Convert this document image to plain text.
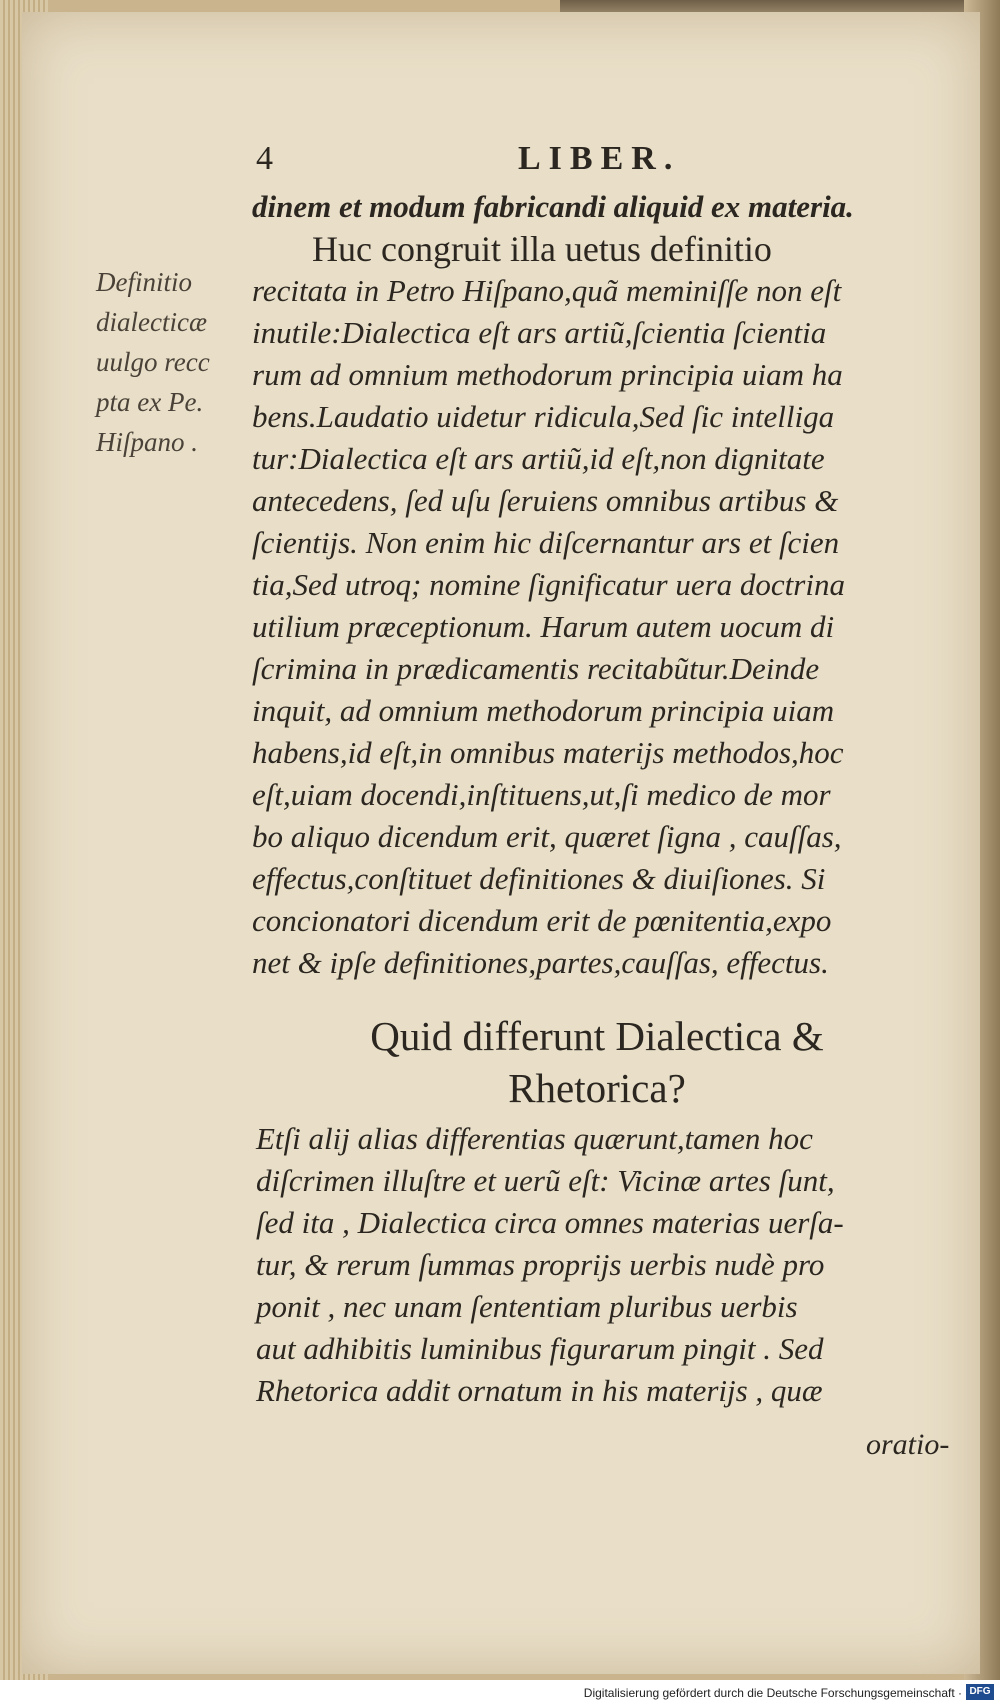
4	LIBER.
Definitio
dialecticæ
uulgo recc
pta ex Pe.
Hiſpano .
dinem et modum fabricandi aliquid ex materia.
Huc congruit illa uetus definitio
recitata in Petro Hiſpano,quã meminiſſe non eſt
inutile:Dialectica eſt ars artiũ,ſcientia ſcientia
rum ad omnium methodorum principia uiam ha
bens.Laudatio uidetur ridicula,Sed ſic intelliga
tur:Dialectica eſt ars artiũ,id eſt,non dignitate
antecedens, ſed uſu ſeruiens omnibus artibus &
ſcientijs. Non enim hic diſcernantur ars et ſcien
tia,Sed utroq; nomine ſignificatur uera doctrina
utilium præceptionum. Harum autem uocum di
ſcrimina in prædicamentis recitabũtur.Deinde
inquit, ad omnium methodorum principia uiam
habens,id eſt,in omnibus materijs methodos,hoc
eſt,uiam docendi,inſtituens,ut,ſi medico de mor
bo aliquo dicendum erit, quæret ſigna , cauſſas,
effectus,conſtituet definitiones & diuiſiones. Si
concionatori dicendum erit de pœnitentia,expo
net & ipſe definitiones,partes,cauſſas, effectus.
Quid differunt Dialectica &
Rhetorica?
Etſi alij alias differentias quærunt,tamen hoc
diſcrimen illuſtre et uerũ eſt: Vicinæ artes ſunt,
ſed ita , Dialectica circa omnes materias uerſa-
tur, & rerum ſummas proprijs uerbis nudè pro
ponit , nec unam ſententiam pluribus uerbis
aut adhibitis luminibus figurarum pingit . Sed
Rhetorica addit ornatum in his materijs , quæ
oratio-
Digitalisierung gefördert durch die Deutsche Forschungsgemeinschaft · DFG
